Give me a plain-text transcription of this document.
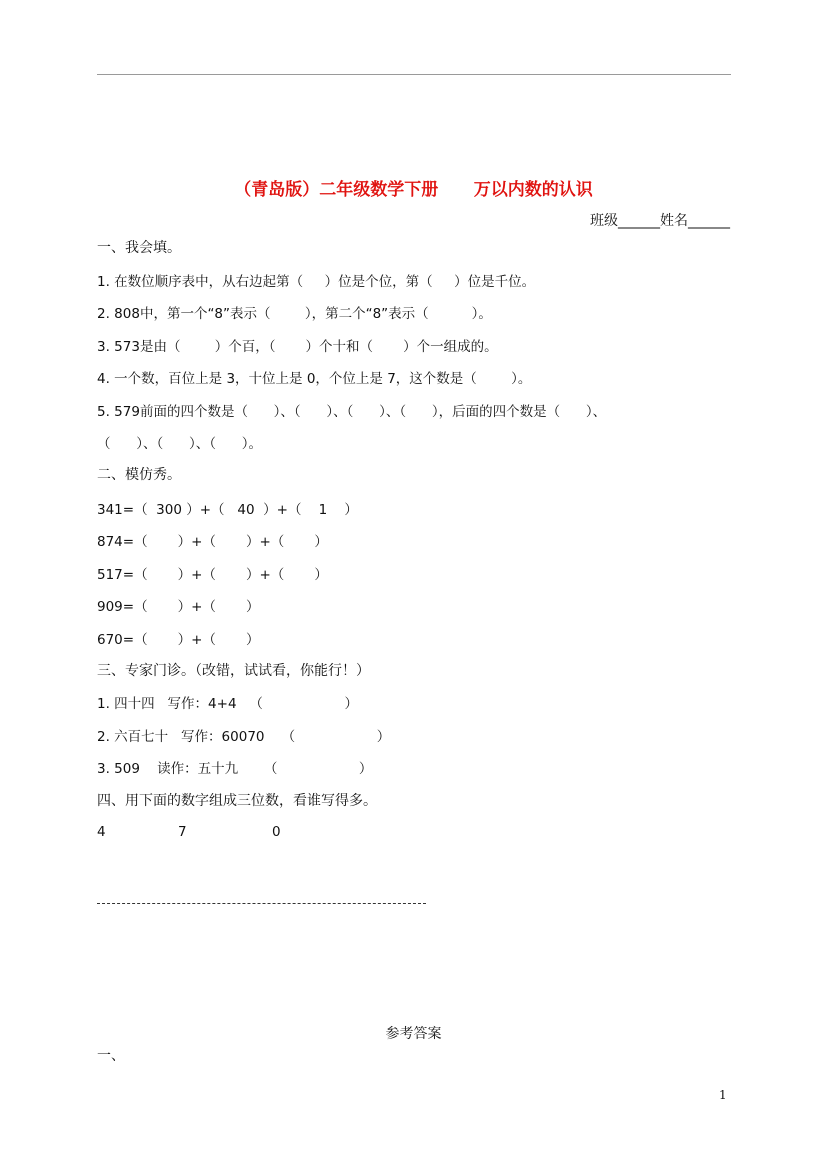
（青岛版）二年级数学下册      万以内数的认识
班级______姓名______
一、我会填。
1. 在数位顺序表中，从右边起第（     ）位是个位，第（     ）位是千位。
2. 808中，第一个“8”表示（        ），第二个“8”表示（          ）。
3. 573是由（        ）个百，（       ）个十和（       ）个一组成的。
4. 一个数，百位上是 3，十位上是 0，个位上是 7，这个数是（        ）。
5. 579前面的四个数是（      ）、（      ）、（      ）、（      ），后面的四个数是（      ）、
（      ）、（      ）、（      ）。
二、模仿秀。
341=（  300 ）+（   40  ）+（    1    ）
874=（       ）+（       ）+（       ）
517=（       ）+（       ）+（       ）
909=（       ）+（       ）
670=（       ）+（       ）
三、专家门诊。（改错，试试看，你能行！）
1. 四十四   写作：4+4   （                   ）
2. 六百七十   写作：60070    （                   ）
3. 509    读作：五十九      （                   ）
四、用下面的数字组成三位数，看谁写得多。
4	7	0
参考答案
一、
1
